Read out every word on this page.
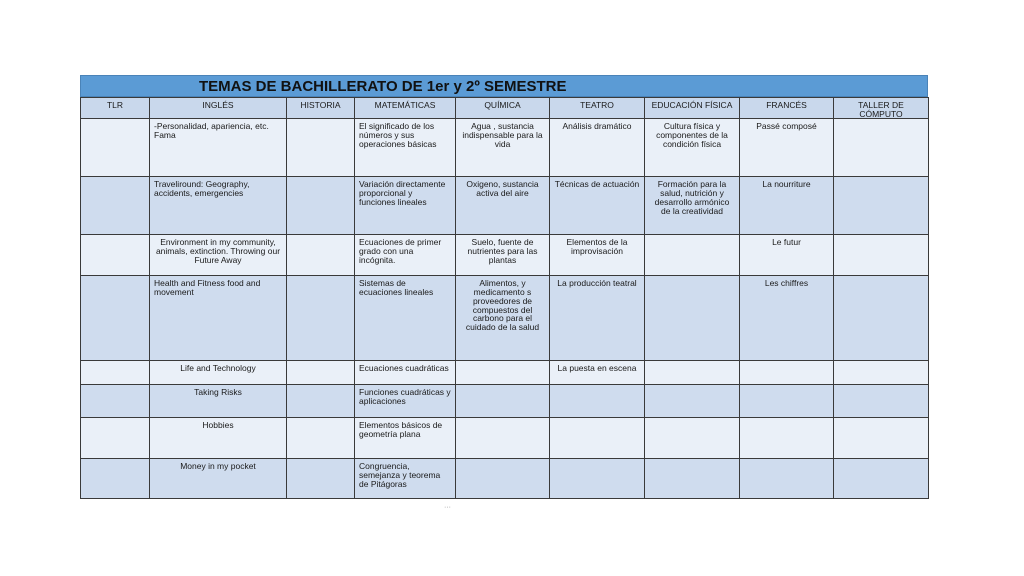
TEMAS DE BACHILLERATO DE 1er y 2º SEMESTRE
TLR	INGLÉS	HISTORIA	MATEMÁTICAS	QUÍMICA	TEATRO	EDUCACIÓN FÍSICA	FRANCÉS	TALLER DE CÓMPUTO
	-Personalidad, apariencia, etc. Fama		El significado de los números y sus operaciones básicas	Agua , sustancia indispensable para la vida	Análisis dramático	Cultura física y componentes de la condición física	Passé composé	
	Traveliround: Geography, accidents, emergencies		Variación directamente proporcional y funciones lineales	Oxigeno, sustancia activa del aire	Técnicas de actuación	Formación para la salud, nutrición y desarrollo armónico de la creatividad	La nourriture	
	Environment in my community, animals, extinction. Throwing our Future Away		Ecuaciones de primer grado con una incógnita.	Suelo, fuente de nutrientes para las plantas	Elementos de la improvisación		Le futur	
	Health and Fitness food and movement		Sistemas de ecuaciones lineales	Alimentos, y medicamento s proveedores de compuestos del carbono para el cuidado de la salud	La producción teatral		Les chiffres	
	Life and Technology		Ecuaciones cuadráticas		La puesta en escena			
	Taking Risks		Funciones cuadráticas y aplicaciones					
	Hobbies		Elementos básicos de geometría plana					
	Money in my pocket		Congruencia, semejanza y teorema de Pitágoras					
···
